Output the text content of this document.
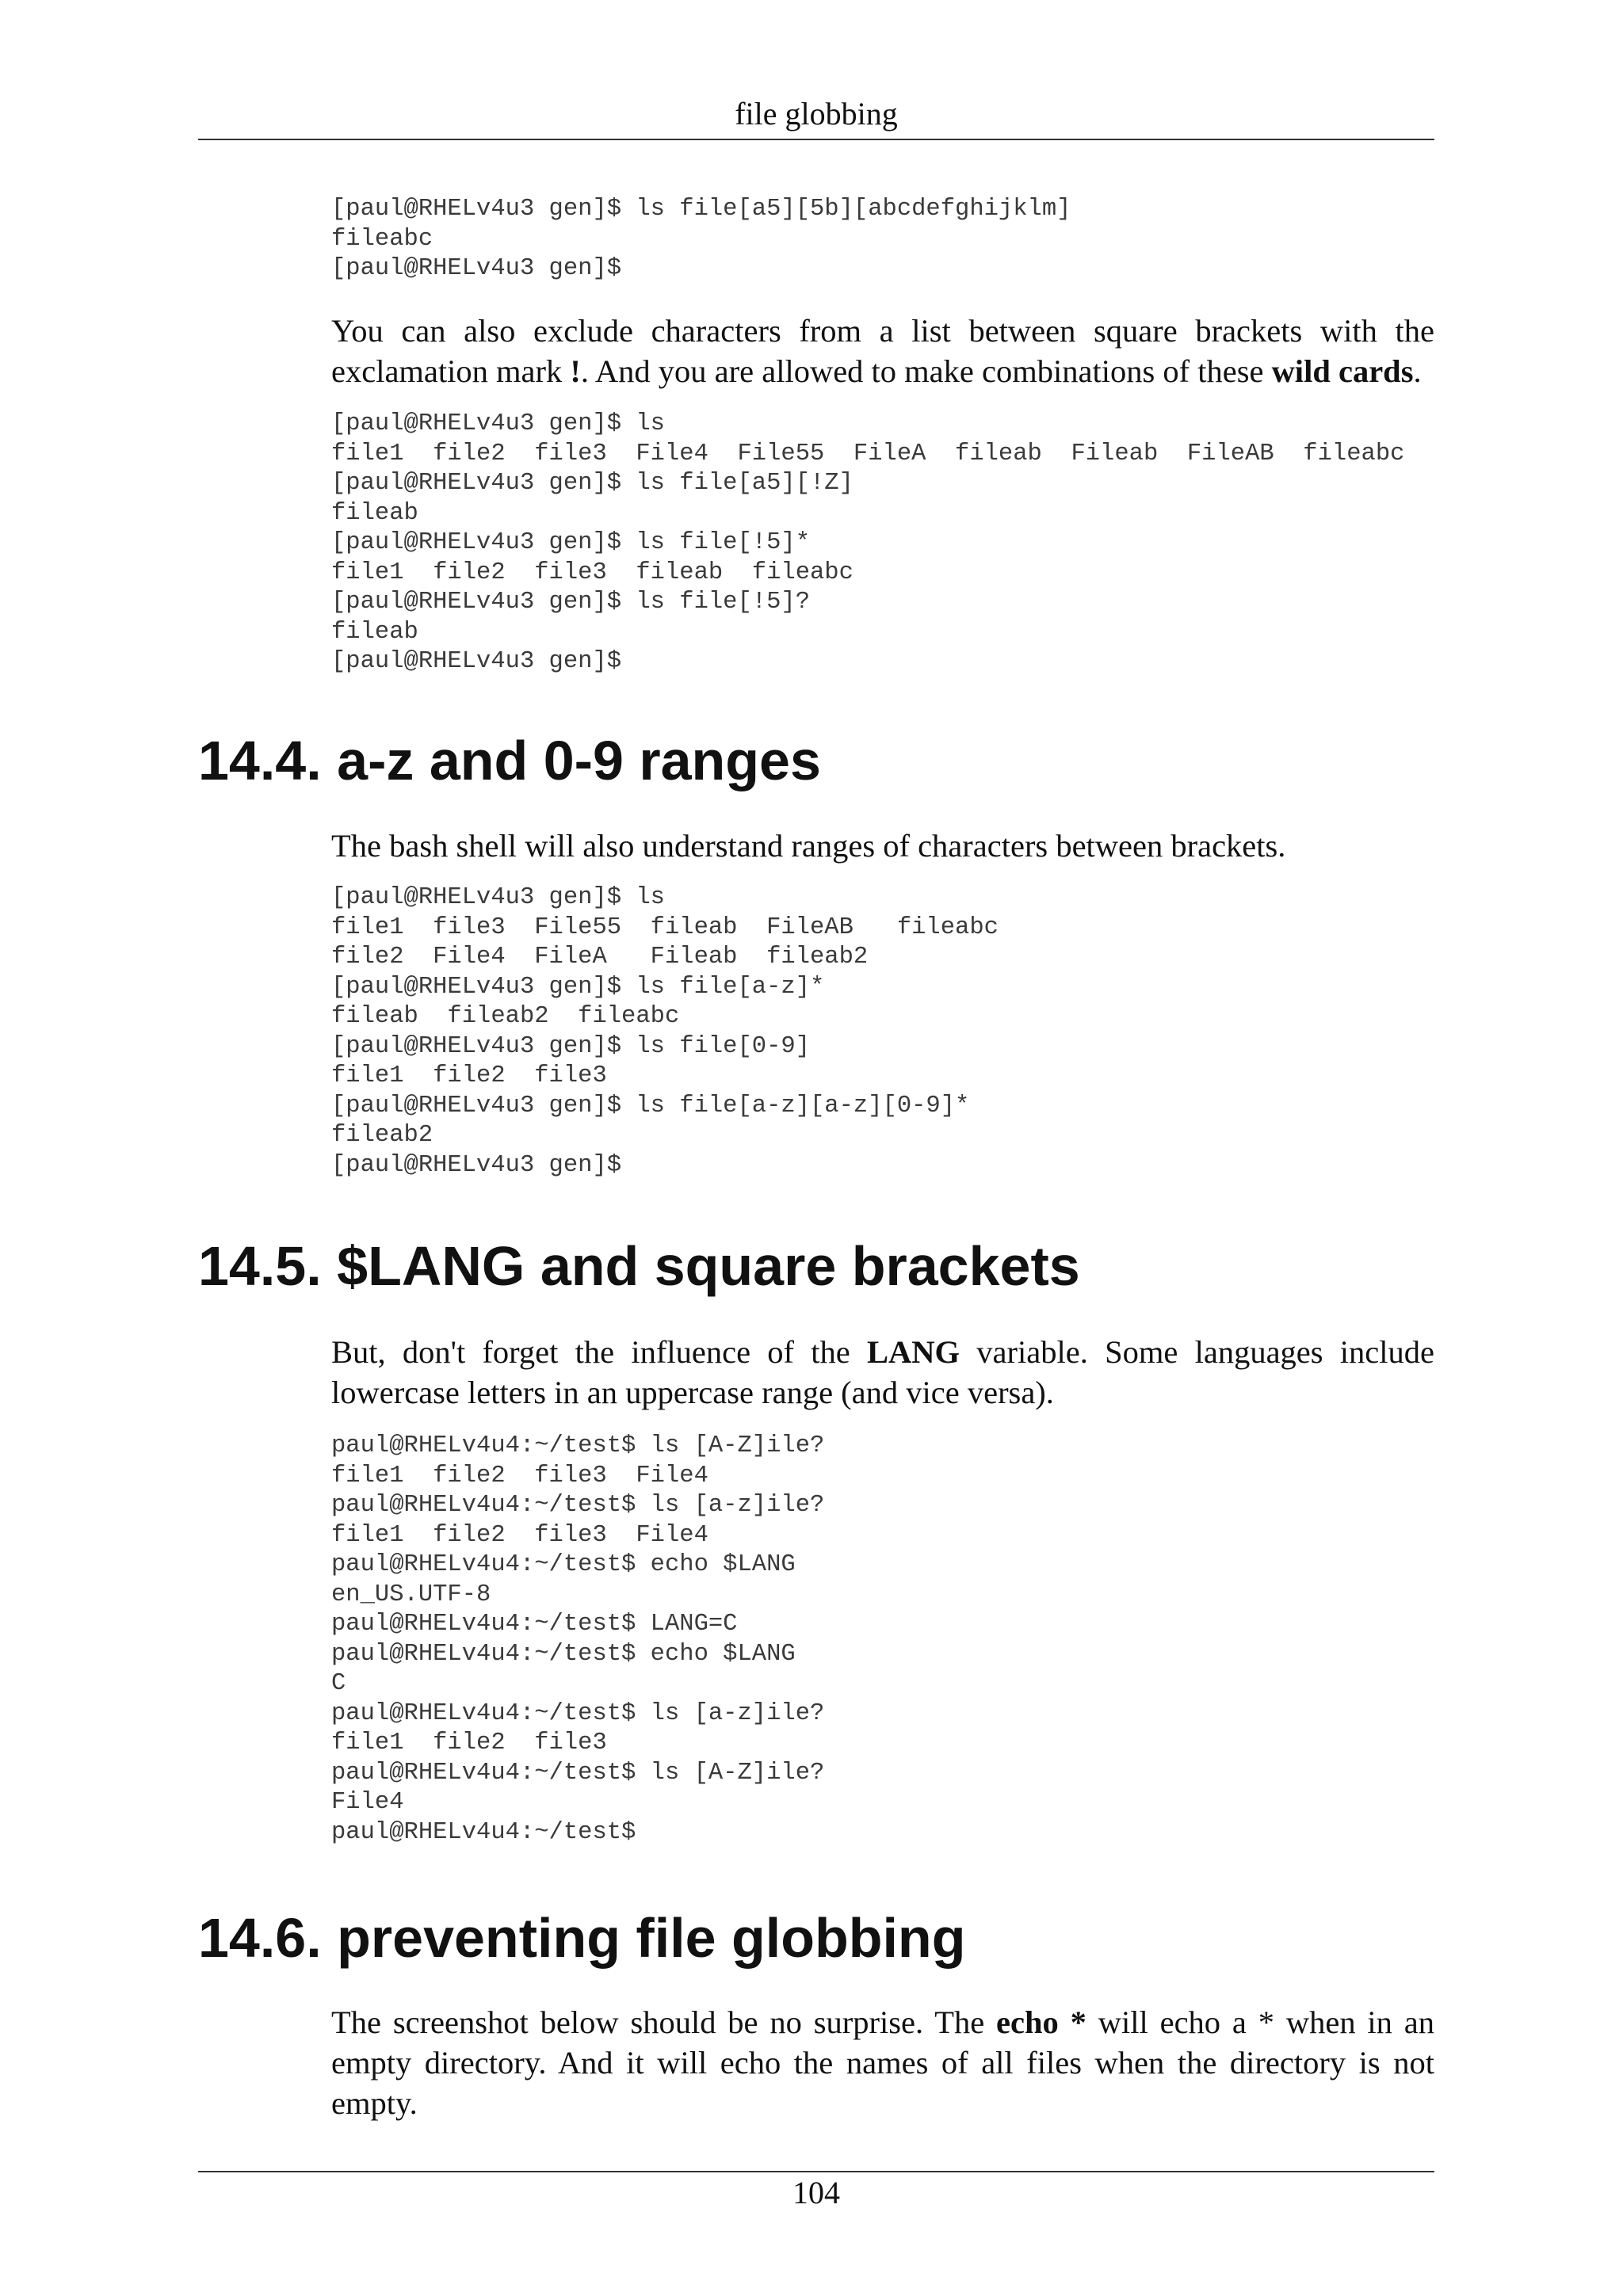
file globbing
[paul@RHELv4u3 gen]$ ls file[a5][5b][abcdefghijklm]
fileabc
[paul@RHELv4u3 gen]$

You can also exclude characters from a list between square brackets with the exclamation mark !. And you are allowed to make combinations of these wild cards.

[paul@RHELv4u3 gen]$ ls
file1  file2  file3  File4  File55  FileA  fileab  Fileab  FileAB  fileabc
[paul@RHELv4u3 gen]$ ls file[a5][!Z]
fileab
[paul@RHELv4u3 gen]$ ls file[!5]*
file1  file2  file3  fileab  fileabc
[paul@RHELv4u3 gen]$ ls file[!5]?
fileab
[paul@RHELv4u3 gen]$
14.4. a-z and 0-9 ranges

The bash shell will also understand ranges of characters between brackets.

[paul@RHELv4u3 gen]$ ls
file1  file3  File55  fileab  FileAB   fileabc
file2  File4  FileA   Fileab  fileab2
[paul@RHELv4u3 gen]$ ls file[a-z]*
fileab  fileab2  fileabc
[paul@RHELv4u3 gen]$ ls file[0-9]
file1  file2  file3
[paul@RHELv4u3 gen]$ ls file[a-z][a-z][0-9]*
fileab2
[paul@RHELv4u3 gen]$
14.5. $LANG and square brackets

But, don't forget the influence of the LANG variable. Some languages include lowercase letters in an uppercase range (and vice versa).

paul@RHELv4u4:~/test$ ls [A-Z]ile?
file1  file2  file3  File4
paul@RHELv4u4:~/test$ ls [a-z]ile?
file1  file2  file3  File4
paul@RHELv4u4:~/test$ echo $LANG
en_US.UTF-8
paul@RHELv4u4:~/test$ LANG=C
paul@RHELv4u4:~/test$ echo $LANG
C
paul@RHELv4u4:~/test$ ls [a-z]ile?
file1  file2  file3
paul@RHELv4u4:~/test$ ls [A-Z]ile?
File4
paul@RHELv4u4:~/test$
14.6. preventing file globbing

The screenshot below should be no surprise. The echo * will echo a * when in an empty directory. And it will echo the names of all files when the directory is not empty.

104
